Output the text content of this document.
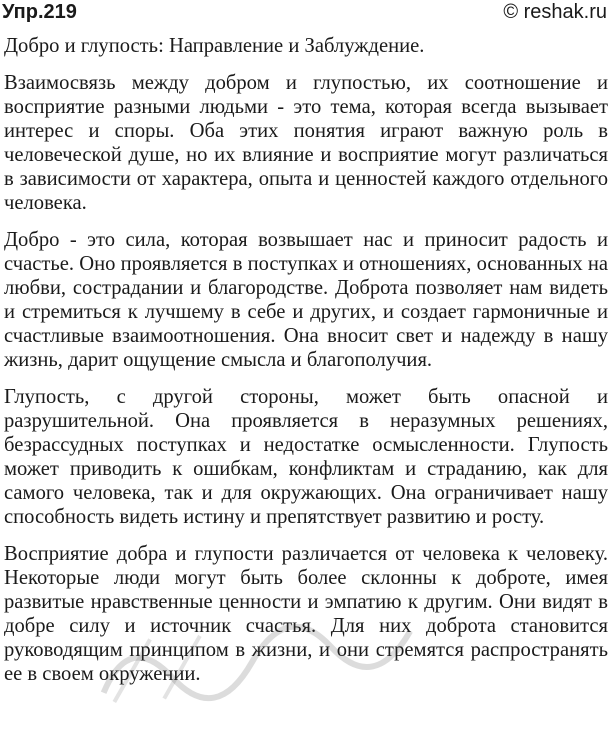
Упр.219	© reshak.ru

Добро и глупость: Направление и Заблуждение.

Взаимосвязь между добром и глупостью, их соотношение и восприятие разными людьми - это тема, которая всегда вызывает интерес и споры. Оба этих понятия играют важную роль в человеческой душе, но их влияние и восприятие могут различаться в зависимости от характера, опыта и ценностей каждого отдельного человека.

Добро - это сила, которая возвышает нас и приносит радость и счастье. Оно проявляется в поступках и отношениях, основанных на любви, сострадании и благородстве. Доброта позволяет нам видеть и стремиться к лучшему в себе и других, и создает гармоничные и счастливые взаимоотношения. Она вносит свет и надежду в нашу жизнь, дарит ощущение смысла и благополучия.

Глупость, с другой стороны, может быть опасной и разрушительной. Она проявляется в неразумных решениях, безрассудных поступках и недостатке осмысленности. Глупость может приводить к ошибкам, конфликтам и страданию, как для самого человека, так и для окружающих. Она ограничивает нашу способность видеть истину и препятствует развитию и росту.

Восприятие добра и глупости различается от человека к человеку. Некоторые люди могут быть более склонны к доброте, имея развитые нравственные ценности и эмпатию к другим. Они видят в добре силу и источник счастья. Для них доброта становится руководящим принципом в жизни, и они стремятся распространять ее в своем окружении.
